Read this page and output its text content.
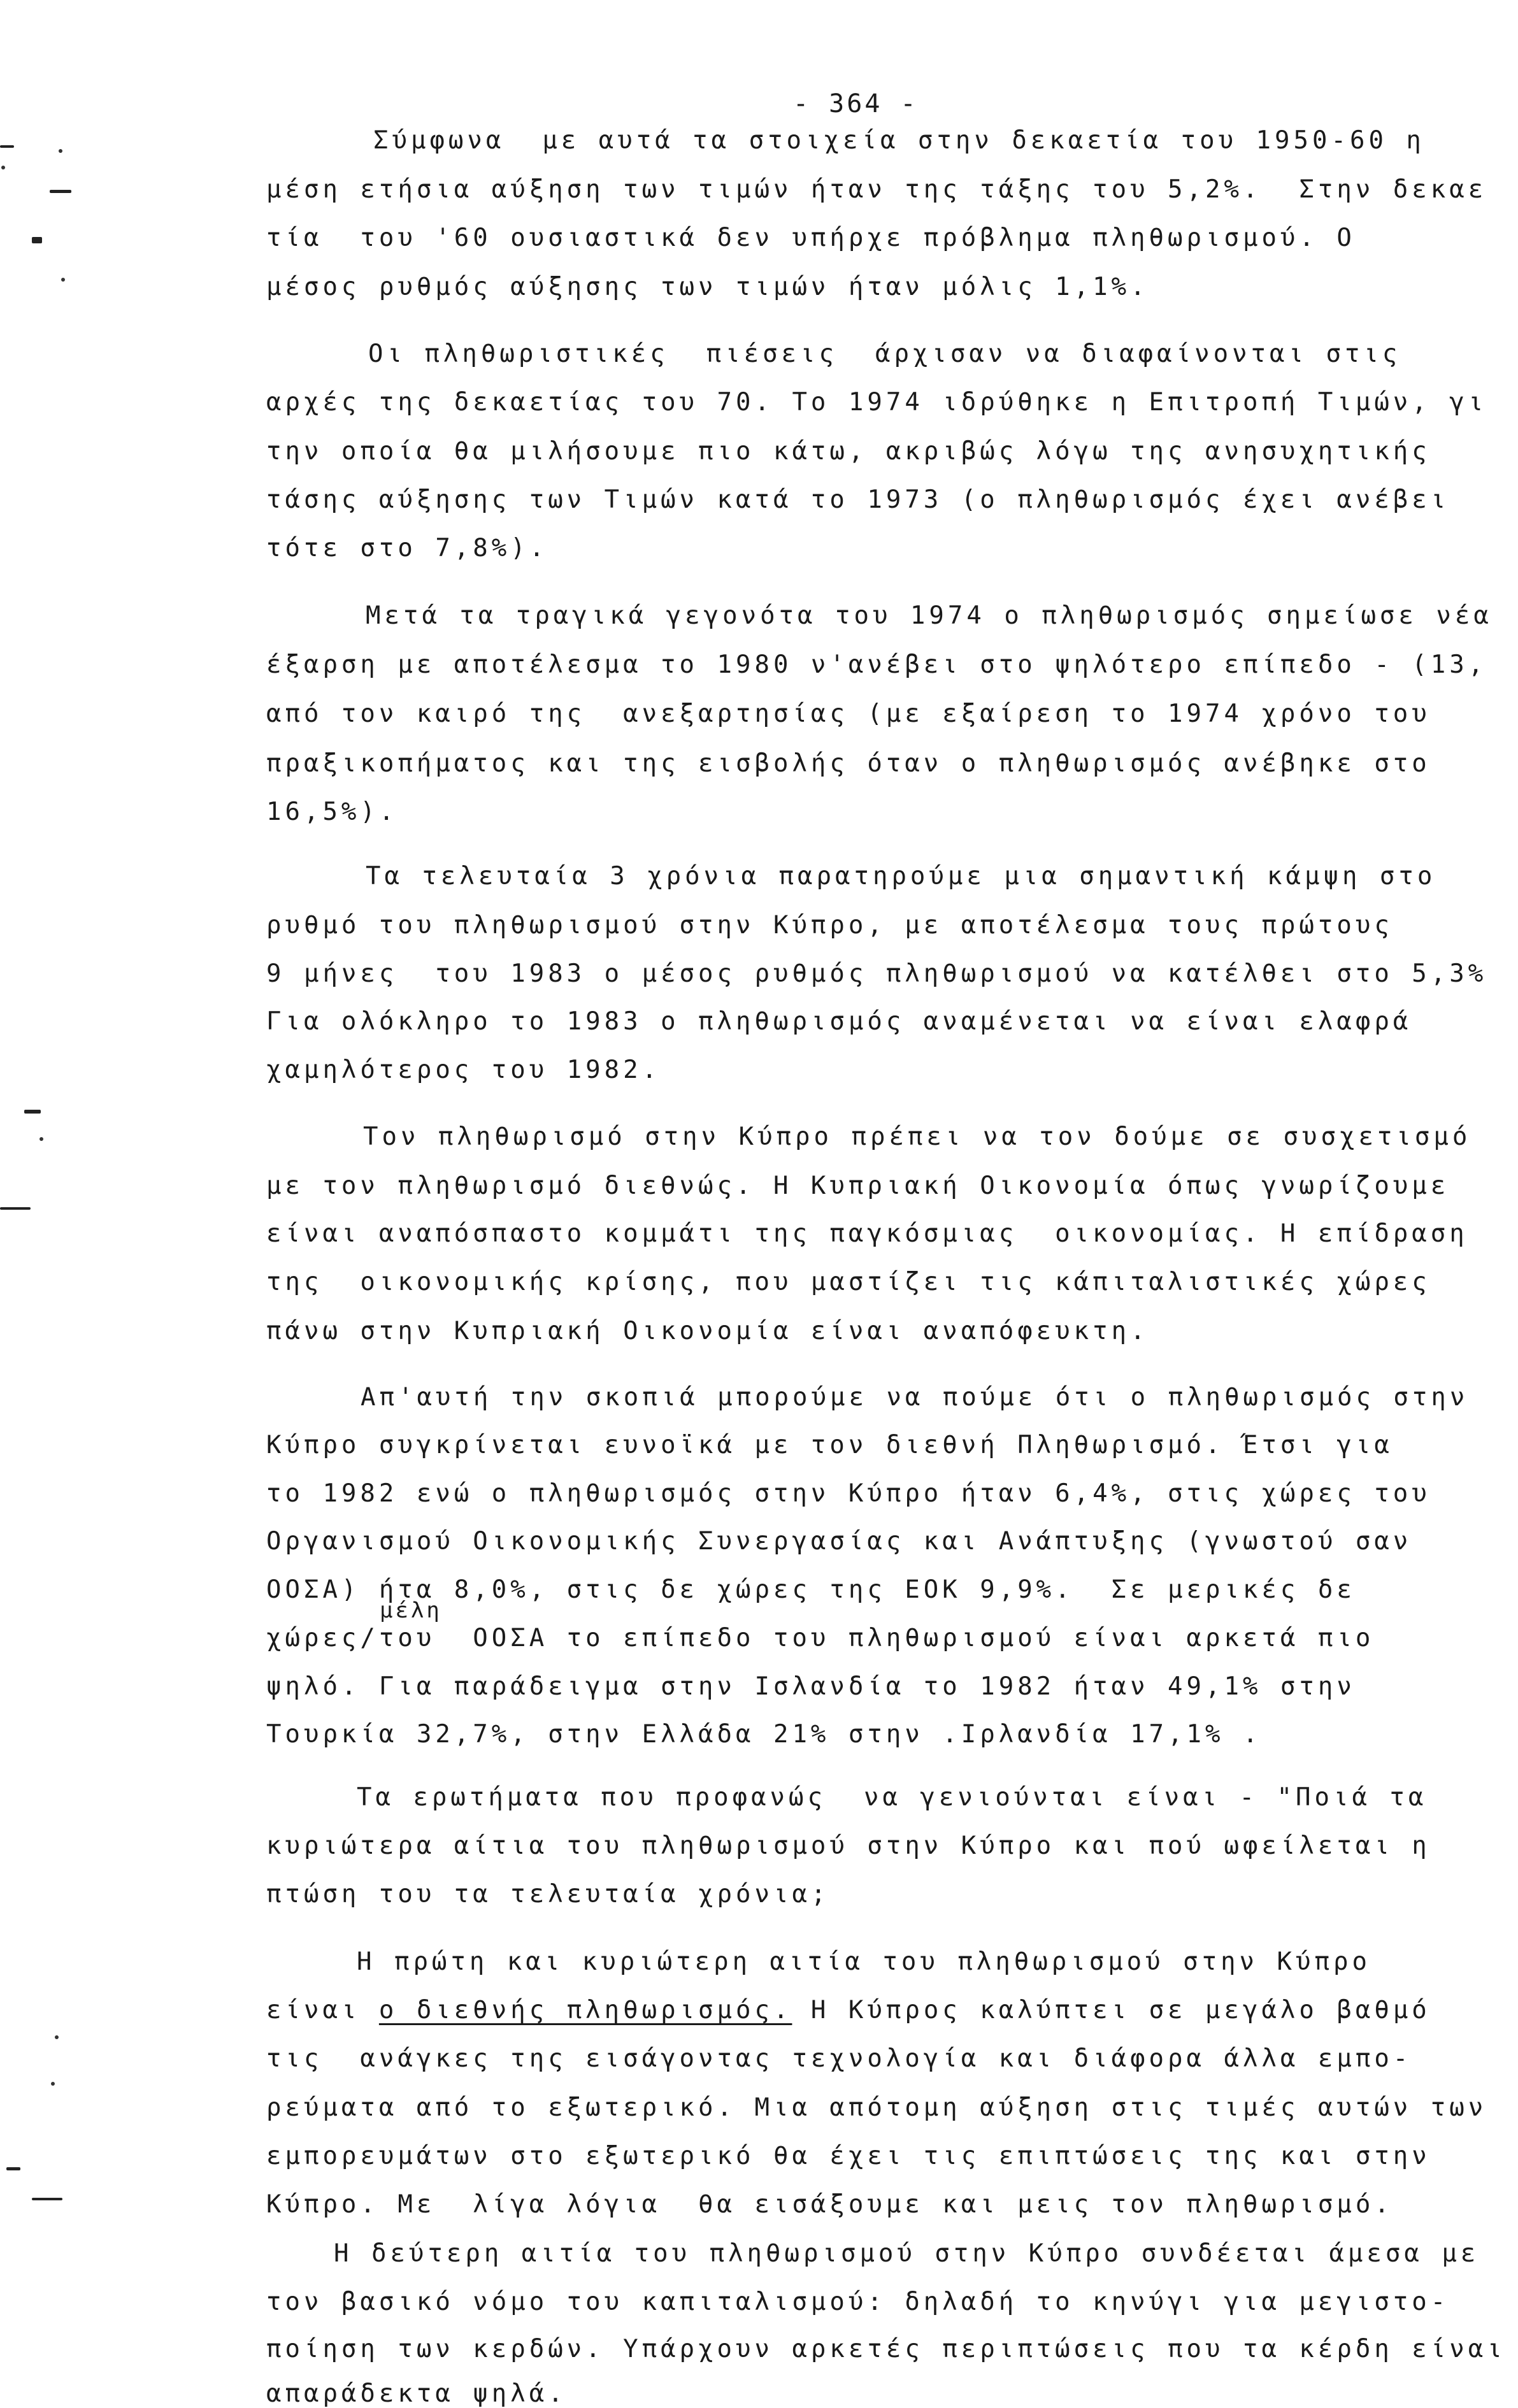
- 364 -
Σύμφωνα  με αυτά τα στοιχεία στην δεκαετία του 1950-60 η
μέση ετήσια αύξηση των τιμών ήταν της τάξης του 5,2%.  Στην δεκαε
τία  του '60 ουσιαστικά δεν υπήρχε πρόβλημα πληθωρισμού. Ο
μέσος ρυθμός αύξησης των τιμών ήταν μόλις 1,1%.
Οι πληθωριστικές  πιέσεις  άρχισαν να διαφαίνονται στις
αρχές της δεκαετίας του 70. Το 1974 ιδρύθηκε η Επιτροπή Τιμών, γι
την οποία θα μιλήσουμε πιο κάτω, ακριβώς λόγω της ανησυχητικής
τάσης αύξησης των Τιμών κατά το 1973 (ο πληθωρισμός έχει ανέβει
τότε στο 7,8%).
Μετά τα τραγικά γεγονότα του 1974 ο πληθωρισμός σημείωσε νέα
έξαρση με αποτέλεσμα το 1980 ν'ανέβει στο ψηλότερο επίπεδο - (13,
από τον καιρό της  ανεξαρτησίας (με εξαίρεση το 1974 χρόνο του
πραξικοπήματος και της εισβολής όταν ο πληθωρισμός ανέβηκε στο
16,5%).
Τα τελευταία 3 χρόνια παρατηρούμε μια σημαντική κάμψη στο
ρυθμό του πληθωρισμού στην Κύπρο, με αποτέλεσμα τους πρώτους
9 μήνες  του 1983 ο μέσος ρυθμός πληθωρισμού να κατέλθει στο 5,3%
Για ολόκληρο το 1983 ο πληθωρισμός αναμένεται να είναι ελαφρά
χαμηλότερος του 1982.
Τον πληθωρισμό στην Κύπρο πρέπει να τον δούμε σε συσχετισμό
με τον πληθωρισμό διεθνώς. Η Κυπριακή Οικονομία όπως γνωρίζουμε
είναι αναπόσπαστο κομμάτι της παγκόσμιας  οικονομίας. Η επίδραση
της  οικονομικής κρίσης, που μαστίζει τις κάπιταλιστικές χώρες
πάνω στην Κυπριακή Οικονομία είναι αναπόφευκτη.
Απ'αυτή την σκοπιά μπορούμε να πούμε ότι ο πληθωρισμός στην
Κύπρο συγκρίνεται ευνοϊκά με τον διεθνή Πληθωρισμό. Έτσι για
το 1982 ενώ ο πληθωρισμός στην Κύπρο ήταν 6,4%, στις χώρες του
Οργανισμού Οικονομικής Συνεργασίας και Ανάπτυξης (γνωστού σαν
ΟΟΣΑ) ήτα 8,0%, στις δε χώρες της ΕΟΚ 9,9%.  Σε μερικές δε
μέλη
χώρες/του  ΟΟΣΑ το επίπεδο του πληθωρισμού είναι αρκετά πιο
ψηλό. Για παράδειγμα στην Ισλανδία το 1982 ήταν 49,1% στην
Τουρκία 32,7%, στην Ελλάδα 21% στην .Ιρλανδία 17,1% .
Τα ερωτήματα που προφανώς  να γενιούνται είναι - "Ποιά τα
κυριώτερα αίτια του πληθωρισμού στην Κύπρο και πού ωφείλεται η
πτώση του τα τελευταία χρόνια;
Η πρώτη και κυριώτερη αιτία του πληθωρισμού στην Κύπρο
είναι ο διεθνής πληθωρισμός. Η Κύπρος καλύπτει σε μεγάλο βαθμό
τις  ανάγκες της εισάγοντας τεχνολογία και διάφορα άλλα εμπο-
ρεύματα από το εξωτερικό. Μια απότομη αύξηση στις τιμές αυτών των
εμπορευμάτων στο εξωτερικό θα έχει τις επιπτώσεις της και στην
Κύπρο. Με  λίγα λόγια  θα εισάξουμε και μεις τον πληθωρισμό.
Η δεύτερη αιτία του πληθωρισμού στην Κύπρο συνδέεται άμεσα με
τον βασικό νόμο του καπιταλισμού: δηλαδή το κηνύγι για μεγιστο-
ποίηση των κερδών. Υπάρχουν αρκετές περιπτώσεις που τα κέρδη είναι
απαράδεκτα ψηλά.
